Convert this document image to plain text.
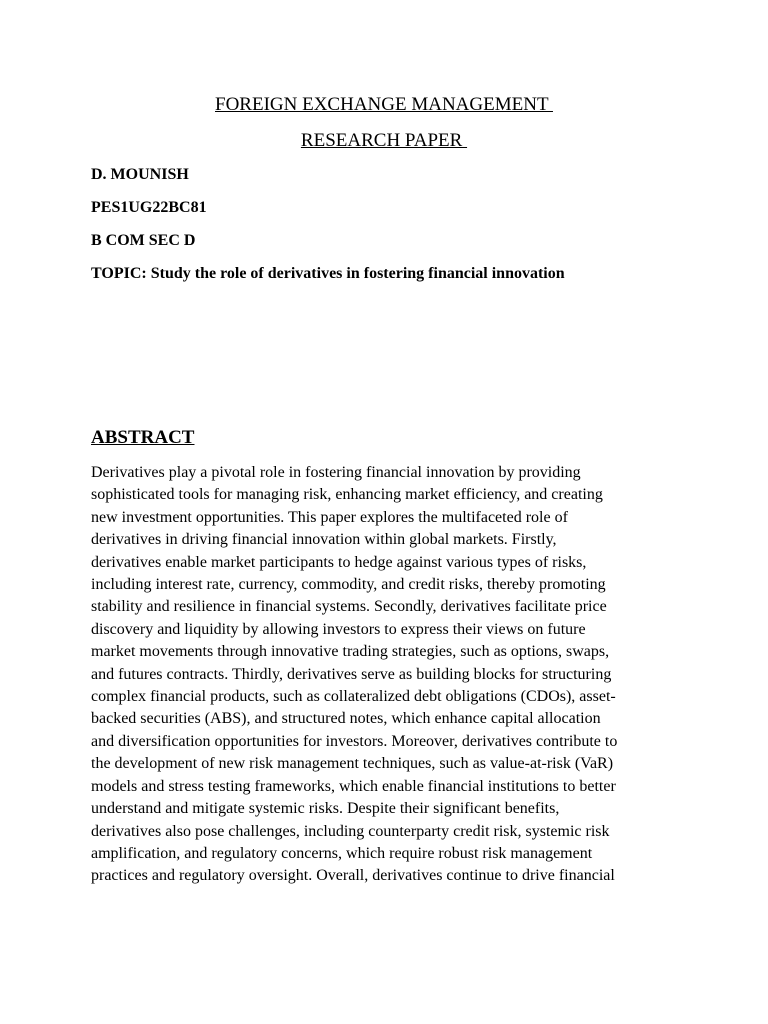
FOREIGN EXCHANGE MANAGEMENT
RESEARCH PAPER

D. MOUNISH

PES1UG22BC81

B COM SEC D

TOPIC: Study the role of derivatives in fostering financial innovation

ABSTRACT
Derivatives play a pivotal role in fostering financial innovation by providing
sophisticated tools for managing risk, enhancing market efficiency, and creating
new investment opportunities. This paper explores the multifaceted role of
derivatives in driving financial innovation within global markets. Firstly,
derivatives enable market participants to hedge against various types of risks,
including interest rate, currency, commodity, and credit risks, thereby promoting
stability and resilience in financial systems. Secondly, derivatives facilitate price
discovery and liquidity by allowing investors to express their views on future
market movements through innovative trading strategies, such as options, swaps,
and futures contracts. Thirdly, derivatives serve as building blocks for structuring
complex financial products, such as collateralized debt obligations (CDOs), asset-
backed securities (ABS), and structured notes, which enhance capital allocation
and diversification opportunities for investors. Moreover, derivatives contribute to
the development of new risk management techniques, such as value-at-risk (VaR)
models and stress testing frameworks, which enable financial institutions to better
understand and mitigate systemic risks. Despite their significant benefits,
derivatives also pose challenges, including counterparty credit risk, systemic risk
amplification, and regulatory concerns, which require robust risk management
practices and regulatory oversight. Overall, derivatives continue to drive financial
